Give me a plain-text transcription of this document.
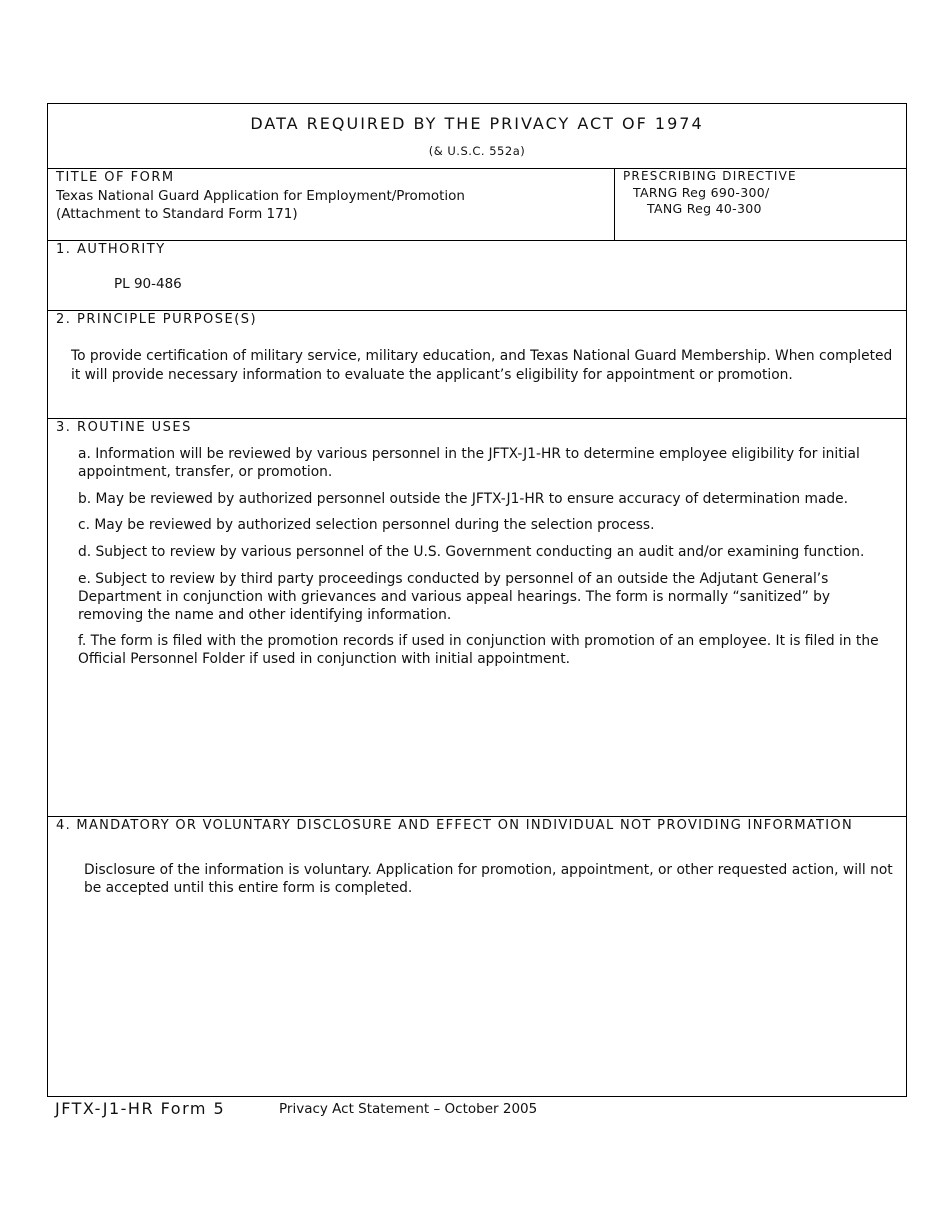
DATA REQUIRED BY THE PRIVACY ACT OF 1974
(& U.S.C. 552a)
TITLE OF FORM
Texas National Guard Application for Employment/Promotion
(Attachment to Standard Form 171)
PRESCRIBING DIRECTIVE
TARNG Reg 690-300/
TANG Reg 40-300
1. AUTHORITY
PL 90-486
2. PRINCIPLE PURPOSE(S)
To provide certification of military service, military education, and Texas National Guard Membership. When completed it will provide necessary information to evaluate the applicant’s eligibility for appointment or promotion.
3. ROUTINE USES
a. Information will be reviewed by various personnel in the JFTX-J1-HR to determine employee eligibility for initial appointment, transfer, or promotion.
b. May be reviewed by authorized personnel outside the JFTX-J1-HR to ensure accuracy of determination made.
c. May be reviewed by authorized selection personnel during the selection process.
d. Subject to review by various personnel of the U.S. Government conducting an audit and/or examining function.
e. Subject to review by third party proceedings conducted by personnel of an outside the Adjutant General’s Department in conjunction with grievances and various appeal hearings. The form is normally “sanitized” by removing the name and other identifying information.
f. The form is filed with the promotion records if used in conjunction with promotion of an employee. It is filed in the Official Personnel Folder if used in conjunction with initial appointment.
4. MANDATORY OR VOLUNTARY DISCLOSURE AND EFFECT ON INDIVIDUAL NOT PROVIDING INFORMATION
Disclosure of the information is voluntary. Application for promotion, appointment, or other requested action, will not be accepted until this entire form is completed.
JFTX-J1-HR Form 5	Privacy Act Statement – October 2005
